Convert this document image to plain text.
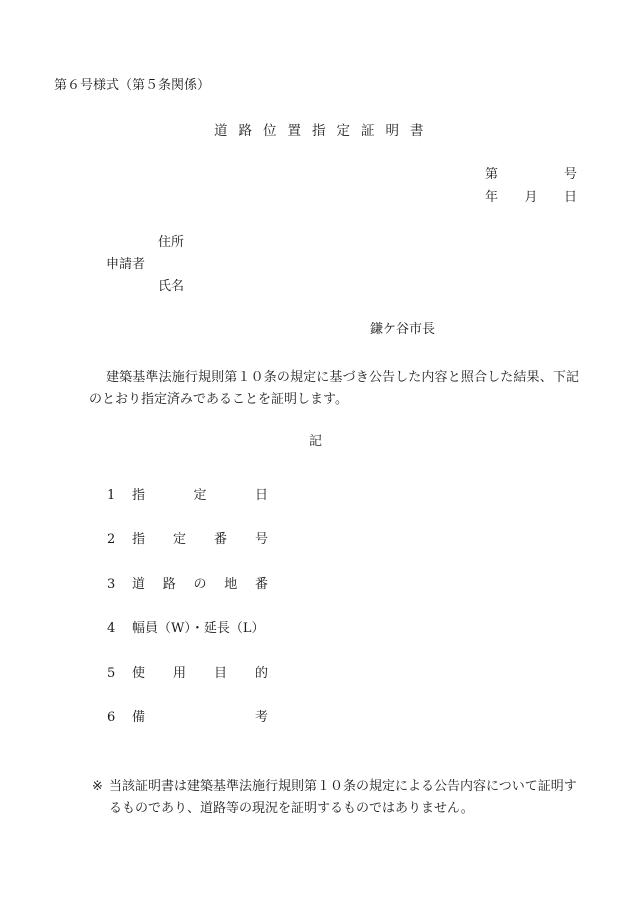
第６号様式（第５条関係）
道路位置指定証明書
第	号
年 月 日
住所
申請者
氏名
鎌ケ谷市長
建築基準法施行規則第１０条の規定に基づき公告した内容と照合した結果、下記のとおり指定済みであることを証明します。
記
1	指	定	日
2	指 定 番 号
3	道 路 の 地 番
4	幅員（W）・延長（L）
5	使 用 目 的
6	備	考
※ 当該証明書は建築基準法施行規則第１０条の規定による公告内容について証明するものであり、道路等の現況を証明するものではありません。
